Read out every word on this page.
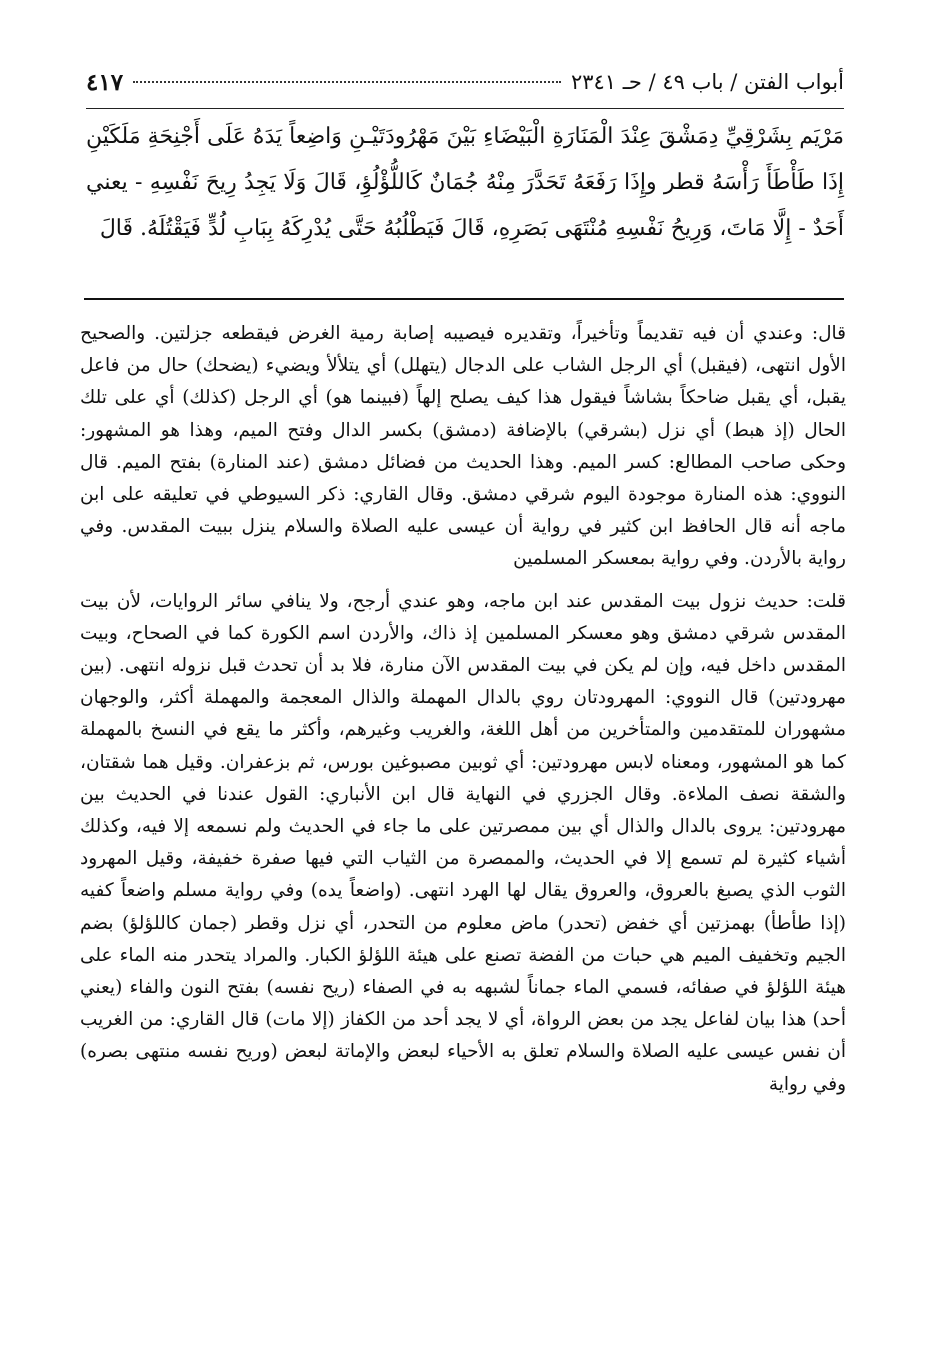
أبواب الفتن / باب ٤٩ / حـ ٢٣٤١
٤١٧

مَرْيَم بِشَرْقِيِّ دِمَشْقَ عِنْدَ الْمَنَارَةِ الْبَيْضَاءِ بَيْنَ مَهْرُودَتَيْـنِ وَاضِعاً يَدَهُ عَلَى أَجْنِحَةِ مَلَكَيْنِ إِذَا طَأْطَأَ رَأْسَهُ قطر وإِذَا رَفَعَهُ تَحَدَّرَ مِنْهُ جُمَانٌ كَاللُّؤْلُؤِ، قَالَ وَلَا يَجِدُ رِيحَ نَفْسِهِ - يعني أَحَدٌ - إِلَّا مَاتَ، وَرِيحُ نَفْسِهِ مُنْتَهَى بَصَرِهِ، قَالَ فَيَطْلُبُهُ حَتَّى يُدْرِكَهُ بِبَابِ لُدٍّ فَيَقْتُلَهُ. قَالَ

قال: وعندي أن فيه تقديماً وتأخيراً، وتقديره فيصيبه إصابة رمية الغرض فيقطعه جزلتين. والصحيح الأول انتهى، (فيقبل) أي الرجل الشاب على الدجال (يتهلل) أي يتلألأ ويضيء (يضحك) حال من فاعل يقبل، أي يقبل ضاحكاً بشاشاً فيقول هذا كيف يصلح إلهاً (فبينما هو) أي الرجل (كذلك) أي على تلك الحال (إذ هبط) أي نزل (بشرقي) بالإضافة (دمشق) بكسر الدال وفتح الميم، وهذا هو المشهور: وحكى صاحب المطالع: كسر الميم. وهذا الحديث من فضائل دمشق (عند المنارة) بفتح الميم. قال النووي: هذه المنارة موجودة اليوم شرقي دمشق. وقال القاري: ذكر السيوطي في تعليقه على ابن ماجه أنه قال الحافظ ابن كثير في رواية أن عيسى عليه الصلاة والسلام ينزل ببيت المقدس. وفي رواية بالأردن. وفي رواية بمعسكر المسلمين

قلت: حديث نزول بيت المقدس عند ابن ماجه، وهو عندي أرجح، ولا ينافي سائر الروايات، لأن بيت المقدس شرقي دمشق وهو معسكر المسلمين إذ ذاك، والأردن اسم الكورة كما في الصحاح، وبيت المقدس داخل فيه، وإن لم يكن في بيت المقدس الآن منارة، فلا بد أن تحدث قبل نزوله انتهى. (بين مهرودتين) قال النووي: المهرودتان روي بالدال المهملة والذال المعجمة والمهملة أكثر، والوجهان مشهوران للمتقدمين والمتأخرين من أهل اللغة، والغريب وغيرهم، وأكثر ما يقع في النسخ بالمهملة كما هو المشهور، ومعناه لابس مهرودتين: أي ثوبين مصبوغين بورس، ثم بزعفران. وقيل هما شقتان، والشقة نصف الملاءة. وقال الجزري في النهاية قال ابن الأنباري: القول عندنا في الحديث بين مهرودتين: يروى بالدال والذال أي بين ممصرتين على ما جاء في الحديث ولم نسمعه إلا فيه، وكذلك أشياء كثيرة لم تسمع إلا في الحديث، والممصرة من الثياب التي فيها صفرة خفيفة، وقيل المهرود الثوب الذي يصبغ بالعروق، والعروق يقال لها الهرد انتهى. (واضعاً يده) وفي رواية مسلم واضعاً كفيه (إذا طأطأ) بهمزتين أي خفض (تحدر) ماض معلوم من التحدر، أي نزل وقطر (جمان كاللؤلؤ) بضم الجيم وتخفيف الميم هي حبات من الفضة تصنع على هيئة اللؤلؤ الكبار. والمراد يتحدر منه الماء على هيئة اللؤلؤ في صفائه، فسمي الماء جماناً لشبهه به في الصفاء (ريح نفسه) بفتح النون والفاء (يعني أحد) هذا بيان لفاعل يجد من بعض الرواة، أي لا يجد أحد من الكفاز (إلا مات) قال القاري: من الغريب أن نفس عيسى عليه الصلاة والسلام تعلق به الأحياء لبعض والإماتة لبعض (وريح نفسه منتهى بصره) وفي رواية
